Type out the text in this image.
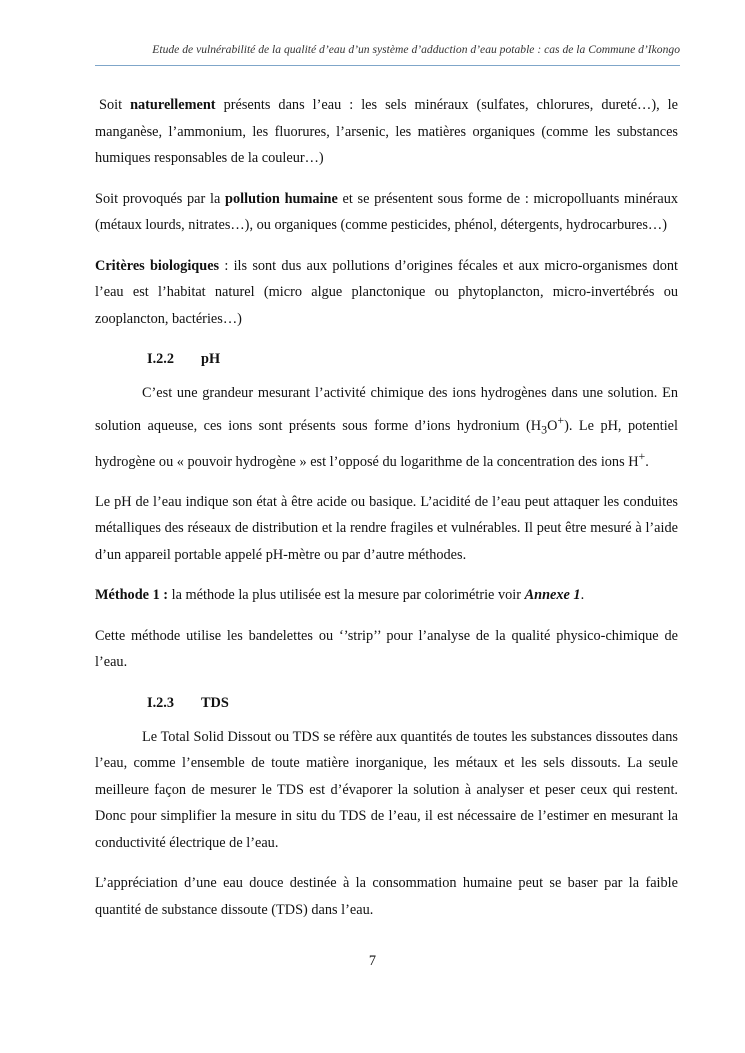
Etude de vulnérabilité de la qualité d’eau d’un système d’adduction d’eau potable : cas de la Commune d’Ikongo

Soit naturellement présents dans l’eau : les sels minéraux (sulfates, chlorures, dureté…), le manganèse, l’ammonium, les fluorures, l’arsenic, les matières organiques (comme les substances humiques responsables de la couleur…)

Soit provoqués par la pollution humaine et se présentent sous forme de : micropolluants minéraux (métaux lourds, nitrates…), ou organiques (comme pesticides, phénol, détergents, hydrocarbures…)

Critères biologiques : ils sont dus aux pollutions d’origines fécales et aux micro-organismes dont l’eau est l’habitat naturel (micro algue planctonique ou phytoplancton, micro-invertébrés ou zooplancton, bactéries…)

I.2.2 pH

C’est une grandeur mesurant l’activité chimique des ions hydrogènes dans une solution. En solution aqueuse, ces ions sont présents sous forme d’ions hydronium $(H_3O^+)$. Le pH, potentiel hydrogène ou « pouvoir hydrogène » est l’opposé du logarithme de la concentration des ions H+.

Le pH de l’eau indique son état à être acide ou basique. L’acidité de l’eau peut attaquer les conduites métalliques des réseaux de distribution et la rendre fragiles et vulnérables. Il peut être mesuré à l’aide d’un appareil portable appelé pH-mètre ou par d’autre méthodes.

Méthode 1 : la méthode la plus utilisée est la mesure par colorimétrie voir Annexe 1.

Cette méthode utilise les bandelettes ou ‘’strip’’ pour l’analyse de la qualité physico-chimique de l’eau.

I.2.3 TDS

Le Total Solid Dissout ou TDS se réfère aux quantités de toutes les substances dissoutes dans l’eau, comme l’ensemble de toute matière inorganique, les métaux et les sels dissouts. La seule meilleure façon de mesurer le TDS est d’évaporer la solution à analyser et peser ceux qui restent. Donc pour simplifier la mesure in situ du TDS de l’eau, il est nécessaire de l’estimer en mesurant la conductivité électrique de l’eau.

L’appréciation d’une eau douce destinée à la consommation humaine peut se baser par la faible quantité de substance dissoute (TDS) dans l’eau.

7
